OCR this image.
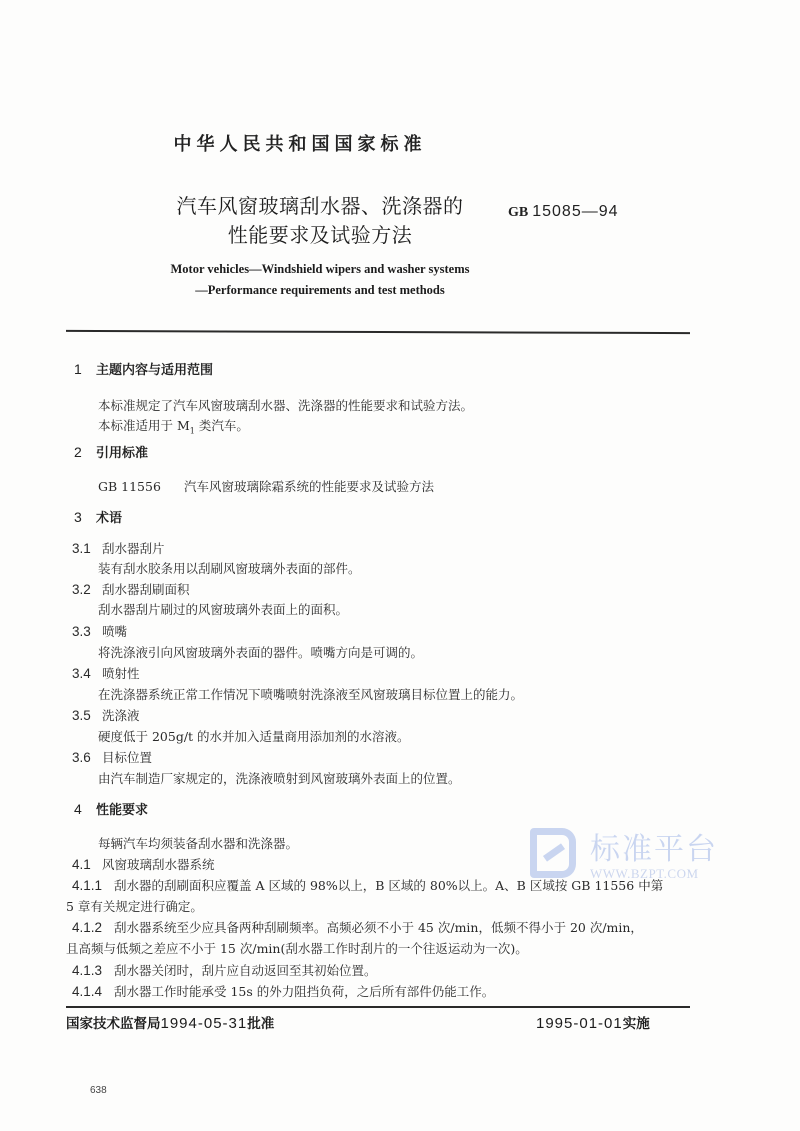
中华人民共和国国家标准
汽车风窗玻璃刮水器、洗涤器的
性能要求及试验方法
GB 15085—94
Motor vehicles—Windshield wipers and washer systems
—Performance requirements and test methods
1 主题内容与适用范围
本标准规定了汽车风窗玻璃刮水器、洗涤器的性能要求和试验方法。
本标准适用于 $M_1$ 类汽车。
2 引用标准
GB 11556 汽车风窗玻璃除霜系统的性能要求及试验方法
3 术语
3.1 刮水器刮片
装有刮水胶条用以刮刷风窗玻璃外表面的部件。
3.2 刮水器刮刷面积
刮水器刮片刷过的风窗玻璃外表面上的面积。
3.3 喷嘴
将洗涤液引向风窗玻璃外表面的器件。喷嘴方向是可调的。
3.4 喷射性
在洗涤器系统正常工作情况下喷嘴喷射洗涤液至风窗玻璃目标位置上的能力。
3.5 洗涤液
硬度低于 205g/t 的水并加入适量商用添加剂的水溶液。
3.6 目标位置
由汽车制造厂家规定的，洗涤液喷射到风窗玻璃外表面上的位置。
4 性能要求
每辆汽车均须装备刮水器和洗涤器。
4.1 风窗玻璃刮水器系统
4.1.1 刮水器的刮刷面积应覆盖 A 区域的 98%以上，B 区域的 80%以上。A、B 区域按 GB 11556 中第
5 章有关规定进行确定。
4.1.2 刮水器系统至少应具备两种刮刷频率。高频必须不小于 45 次/min，低频不得小于 20 次/min，
且高频与低频之差应不小于 15 次/min(刮水器工作时刮片的一个往返运动为一次)。
4.1.3 刮水器关闭时，刮片应自动返回至其初始位置。
4.1.4 刮水器工作时能承受 15s 的外力阻挡负荷，之后所有部件仍能工作。
国家技术监督局1994-05-31批准	1995-01-01实施
638
标准平台
WWW.BZPT.COM
